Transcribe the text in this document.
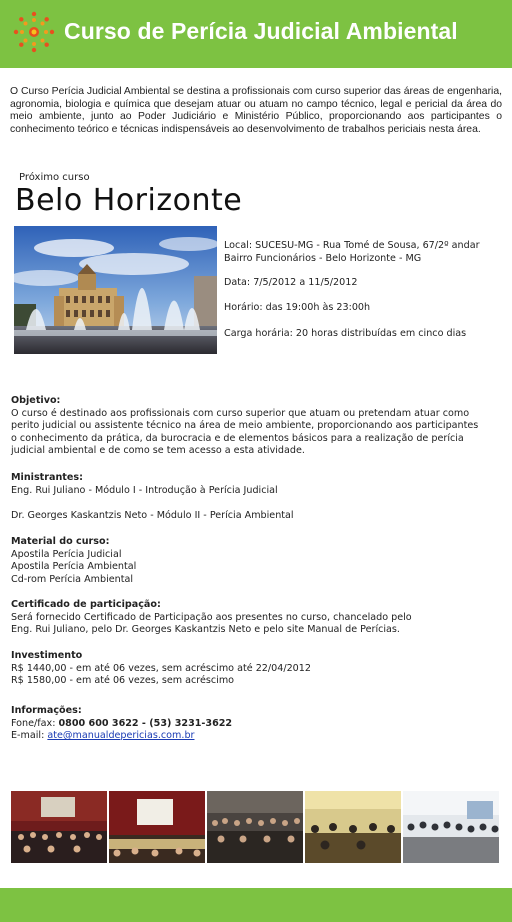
Curso de Perícia Judicial Ambiental
O Curso Perícia Judicial Ambiental se destina a profissionais com curso superior das áreas de engenharia, agronomia, biologia e química que desejam atuar ou atuam no campo técnico, legal e pericial da área do meio ambiente, junto ao Poder Judiciário e Ministério Público, proporcionando aos participantes o conhecimento teórico e técnicas indispensáveis ao desenvolvimento de trabalhos periciais nesta área.
Próximo curso
Belo Horizonte
Local: SUCESU-MG - Rua Tomé de Sousa, 67/2º andar
Bairro Funcionários - Belo Horizonte - MG
Data: 7/5/2012 a 11/5/2012
Horário: das 19:00h às 23:00h
Carga horária: 20 horas distribuídas em cinco dias
Objetivo:
O curso é destinado aos profissionais com curso superior que atuam ou pretendam atuar como
perito judicial ou assistente técnico na área de meio ambiente, proporcionando aos participantes
o conhecimento da prática, da burocracia e de elementos básicos para a realização de perícia
judicial ambiental e de como se tem acesso a esta atividade.
Ministrantes:
Eng. Rui Juliano - Módulo I - Introdução à Perícia Judicial
Dr. Georges Kaskantzis Neto - Módulo II - Perícia Ambiental
Material do curso:
Apostila Perícia Judicial
Apostila Perícia Ambiental
Cd-rom Perícia Ambiental
Certificado de participação:
Será fornecido Certificado de Participação aos presentes no curso, chancelado pelo
Eng. Rui Juliano, pelo Dr. Georges Kaskantzis Neto e pelo site Manual de Perícias.
Investimento
R$ 1440,00 - em até 06 vezes, sem acréscimo até 22/04/2012
R$ 1580,00 - em até 06 vezes, sem acréscimo
Informações:
Fone/fax: 0800 600 3622 - (53) 3231-3622
E-mail: ate@manualdepericias.com.br
